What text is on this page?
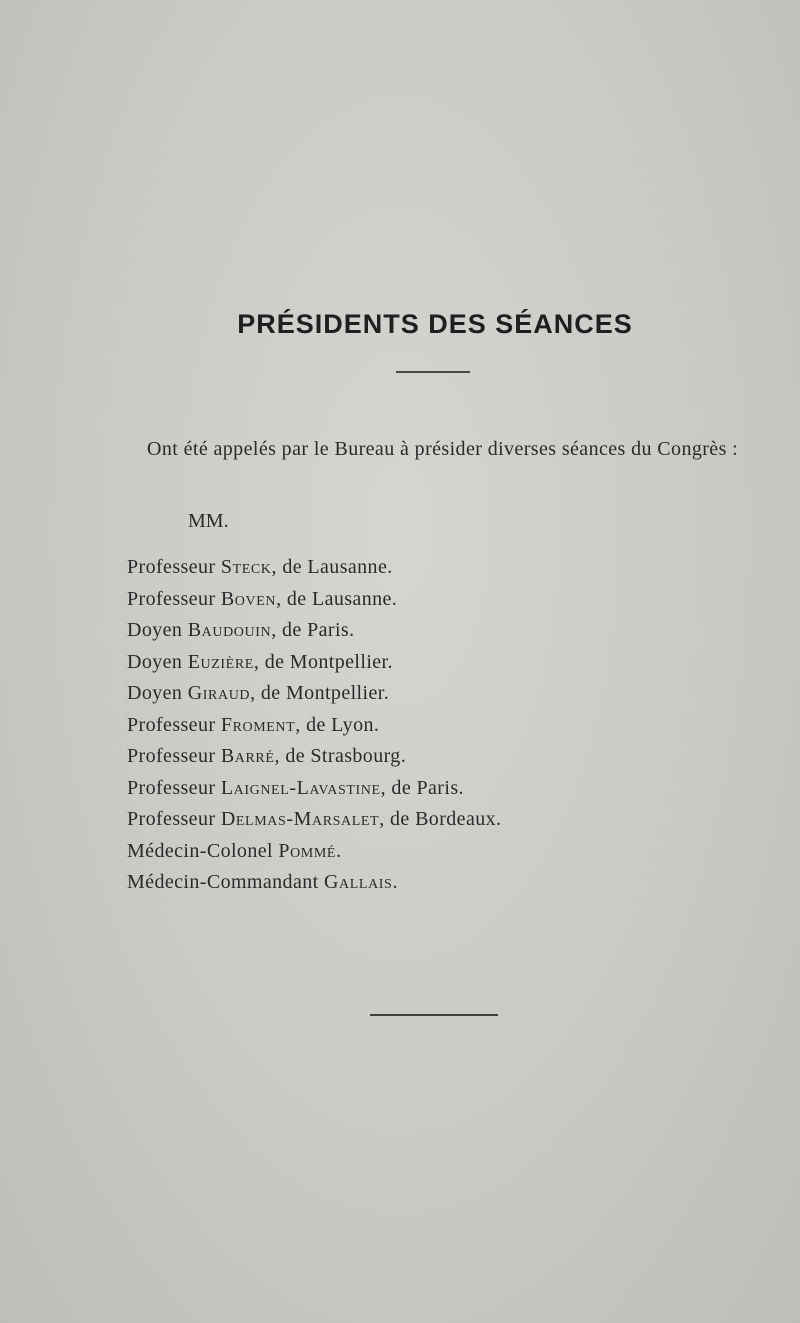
PRÉSIDENTS DES SÉANCES
Ont été appelés par le Bureau à présider diverses séances du Congrès :
MM.
Professeur Steck, de Lausanne.
Professeur Boven, de Lausanne.
Doyen Baudouin, de Paris.
Doyen Euzière, de Montpellier.
Doyen Giraud, de Montpellier.
Professeur Froment, de Lyon.
Professeur Barré, de Strasbourg.
Professeur Laignel-Lavastine, de Paris.
Professeur Delmas-Marsalet, de Bordeaux.
Médecin-Colonel Pommé.
Médecin-Commandant Gallais.
